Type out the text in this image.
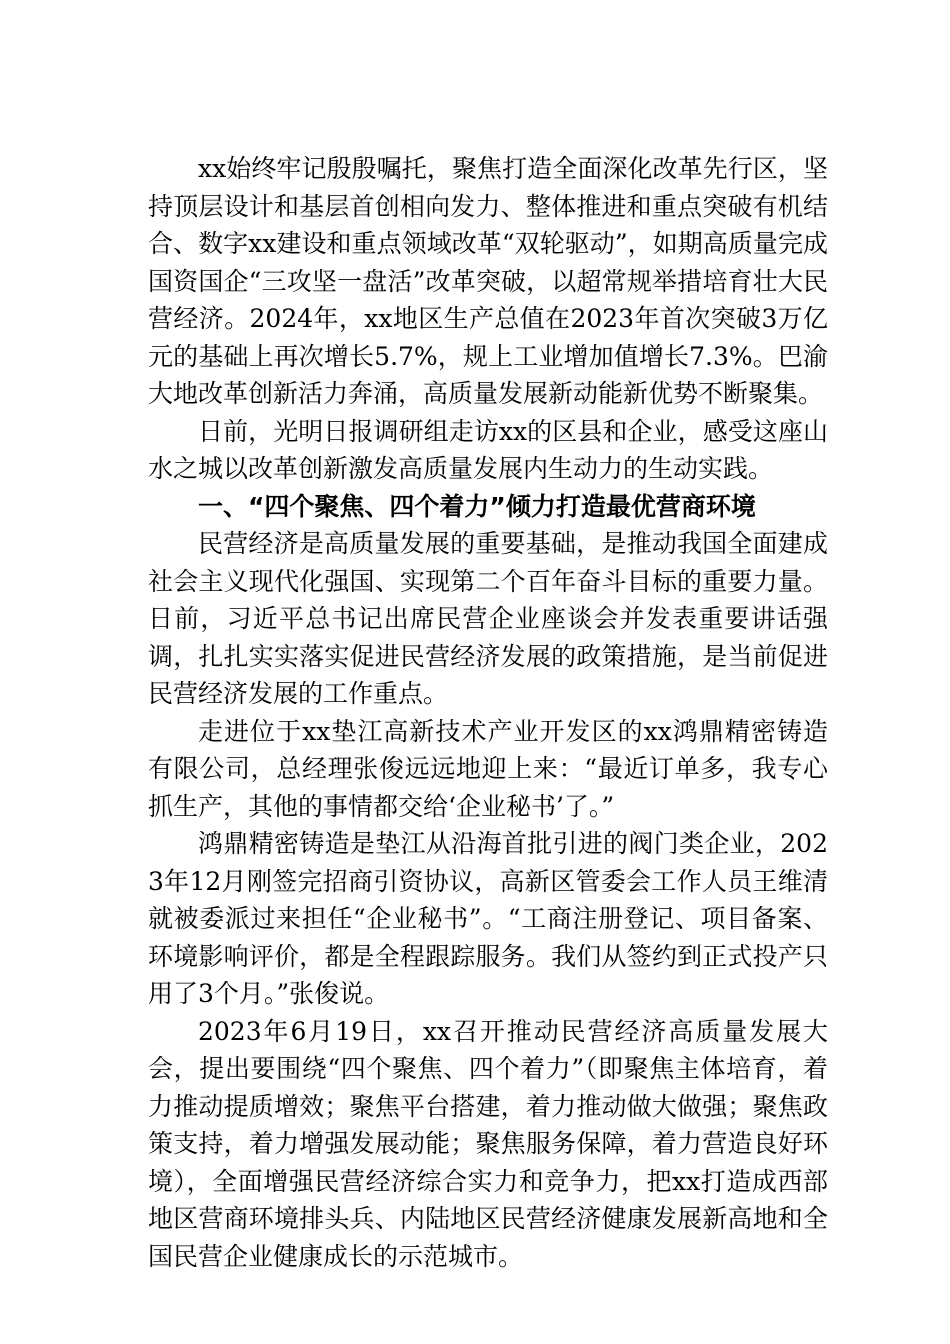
xx始终牢记殷殷嘱托，聚焦打造全面深化改革先行区，坚持顶层设计和基层首创相向发力、整体推进和重点突破有机结合、数字xx建设和重点领域改革“双轮驱动”，如期高质量完成国资国企“三攻坚一盘活”改革突破，以超常规举措培育壮大民营经济。2024年，xx地区生产总值在2023年首次突破3万亿元的基础上再次增长5.7%，规上工业增加值增长7.3%。巴渝大地改革创新活力奔涌，高质量发展新动能新优势不断聚集。

日前，光明日报调研组走访xx的区县和企业，感受这座山水之城以改革创新激发高质量发展内生动力的生动实践。

一、“四个聚焦、四个着力”倾力打造最优营商环境

民营经济是高质量发展的重要基础，是推动我国全面建成社会主义现代化强国、实现第二个百年奋斗目标的重要力量。日前，习近平总书记出席民营企业座谈会并发表重要讲话强调，扎扎实实落实促进民营经济发展的政策措施，是当前促进民营经济发展的工作重点。

走进位于xx垫江高新技术产业开发区的xx鸿鼎精密铸造有限公司，总经理张俊远远地迎上来：“最近订单多，我专心抓生产，其他的事情都交给‘企业秘书’了。”

鸿鼎精密铸造是垫江从沿海首批引进的阀门类企业，2023年12月刚签完招商引资协议，高新区管委会工作人员王维清就被委派过来担任“企业秘书”。“工商注册登记、项目备案、环境影响评价，都是全程跟踪服务。我们从签约到正式投产只用了3个月。”张俊说。

2023年6月19日，xx召开推动民营经济高质量发展大会，提出要围绕“四个聚焦、四个着力”（即聚焦主体培育，着力推动提质增效；聚焦平台搭建，着力推动做大做强；聚焦政策支持，着力增强发展动能；聚焦服务保障，着力营造良好环境），全面增强民营经济综合实力和竞争力，把xx打造成西部地区营商环境排头兵、内陆地区民营经济健康发展新高地和全国民营企业健康成长的示范城市。
